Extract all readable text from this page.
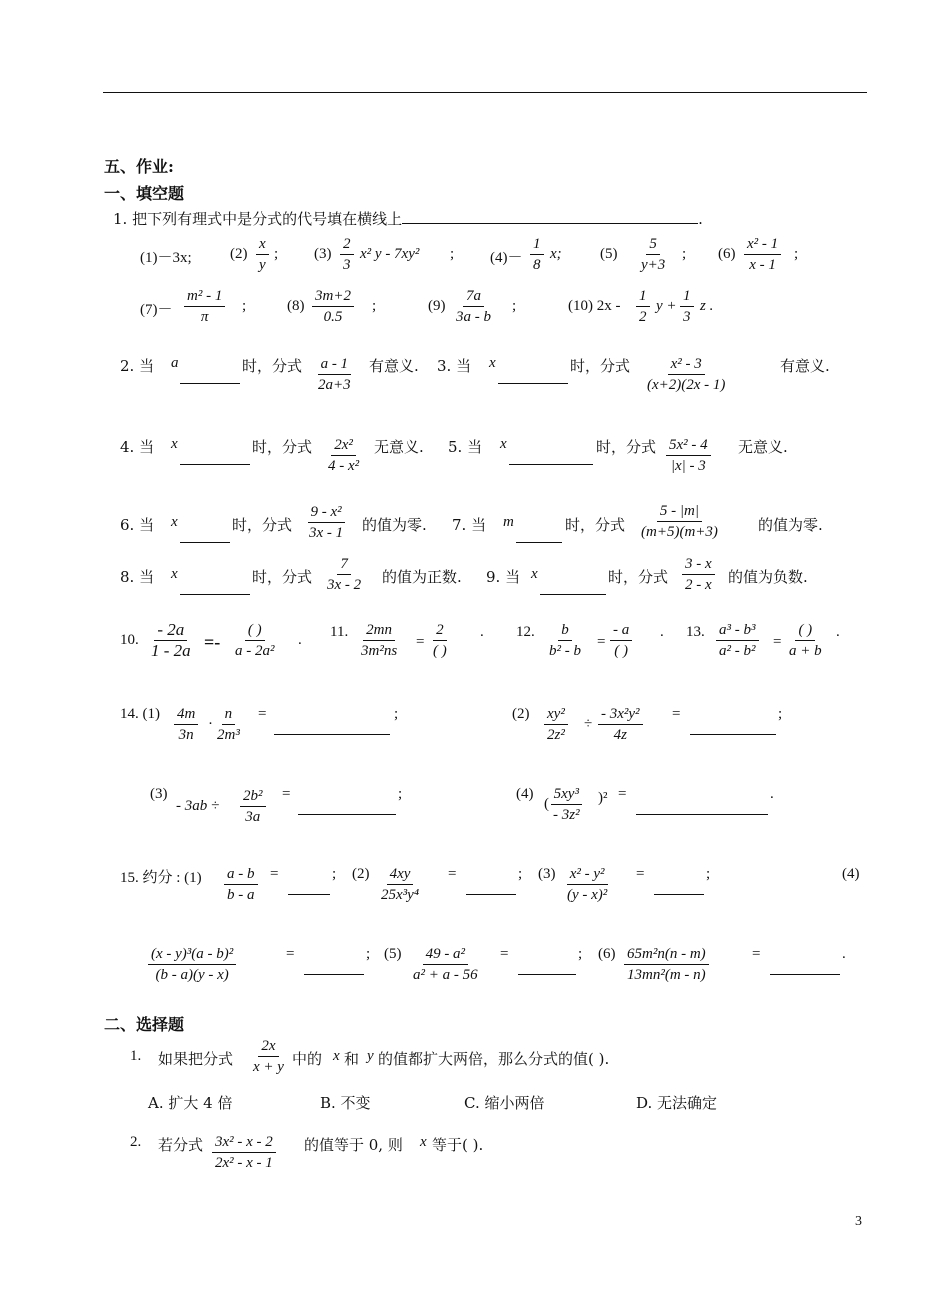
五、作业:
一、填空题
1. 把下列有理式中是分式的代号填在横线上	.
(1)－3x;	$(2) \frac{x}{y}$ ; $(3) \frac{2}{3} x^2$ y - 7xy² ; $(4)- \frac{1}{8} x$;	$(5) \frac{5}{y+3}$ ; $(6) \frac{\text{x² - 1}}{x - 1}$ ;
$(7)- \frac{\text{m² - 1}}{\pi}$ ;	$(8) \frac{3m+2}{0.5}$ ;	$(9) \frac{7a}{3a - b}$ ;	(10) $2x - \frac{1}{2}$ $y + \frac{1}{3}$ z .
2. 当 a	时，分式 $\frac{a - 1}{2a+3}$ 有意义. 3. 当 x	时，分式 $\frac{\text{x² - 3}}{(x+2)(2x - 1)}$	有意义.
4. 当 x	时，分式 $\frac{\text{2x²}}{\text{4 - x²}}$ 无意义. 5. 当 x	时，分式 $\frac{\text{5x² - 4}}{|x| - 3}$ 无意义.
6. 当 x	时，分式 $\frac{\text{9 - x²}}{3x - 1}$ 的值为零. 7. 当 m	时，分式 $\frac{5 - |m|}{(m+5)(m+3)}$ 的值为零.
8. 当 x	时，分式 $\frac{7}{3x - 2}$ 的值为正数. 9. 当 x	时，分式 $\frac{3 - x}{2 - x}$ 的值为负数.
10. $\frac{- 2a}{1 - 2a}$ =-
( )
a - 2a²
. 11. $\frac{2mn}{\text{3m²ns}}$ =
2
( )
. 12. $\frac{b}{\text{b² - b}}$ =
- a
( )
. 13. $\frac{\text{a³ - b³}}{\text{a² - b²}}$ =
( )
a + b
.
14. $(1) \frac{4m}{3n} \cdot \frac{n}{\text{2m³}}$ =	;	$(2) \frac{\text{xy²}}{\text{2z²}} \div \frac{\text{- 3x²y²}}{4z}$ =	;
(3)
- $3ab \div \frac{\text{2b²}}{3a}$ =	;	(4)
( $\frac{\text{5xy³}}{\text{- 3z²}} )^2$ =	.
15. 约分 : $(1) \frac{a - b}{b - a}$ =	; $(2) \frac{4xy}{\text{25x³y⁴}}$ =	; $(3) \frac{\text{x² - y²}}{\text{(y - x)²}}$ =	;	(4)
$\frac{\text{(x - y)³(a - b)²}}{(b - a)(y - x)}$	=	; $(5) \frac{\text{49 - a²}}{\text{a² + a - 56}}$ =	; $(6) \frac{\text{65m²n(n - m)}}{\text{13mn²(m - n)}}$	=	.
二、选择题
1. 如果把分式 $\frac{2x}{x + y}$ 中的 x 和 y 的值都扩大两倍，那么分式的值( ).
A. 扩大 4 倍	B. 不变	C. 缩小两倍	D. 无法确定
2. 若分式 $\frac{\text{3x² - x - 2}}{\text{2x² - x - 1}}$ 的值等于 0, 则 x 等于( ).
3
